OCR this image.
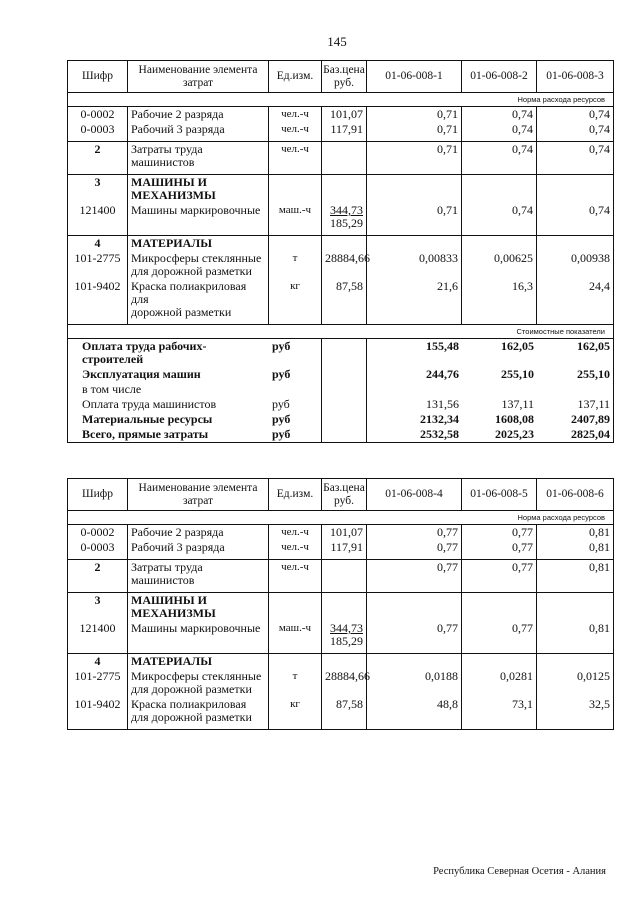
145
Шифр
Наименование элемента
затрат
Ед.изм.
Баз.цена
руб.
01-06-008-1	01-06-008-2	01-06-008-3
Норма расхода ресурсов
0-0002	Рабочие 2 разряда	чел.-ч	101,07	0,71	0,74	0,74
0-0003	Рабочий 3 разряда	чел.-ч	117,91	0,71	0,74	0,74
2	Затраты труда
машинистов
чел.-ч	0,71	0,74	0,74
3	МАШИНЫ И
МЕХАНИЗМЫ
121400	Машины маркировочные	маш.-ч	344,73
185,29
0,71	0,74	0,74
4	МАТЕРИАЛЫ
101-2775 Микросферы стеклянные
для дорожной разметки
т	28884,66	0,00833	0,00625	0,00938
101-9402 Краска полиакриловая для
дорожной разметки
кг	87,58	21,6	16,3	24,4
Стоимостные показатели
Оплата труда рабочих-
строителей
руб	155,48	162,05	162,05
Эксплуатация машин	руб	244,76	255,10	255,10
в том числе
Оплата труда машинистов	руб	131,56	137,11	137,11
Материальные ресурсы	руб	2132,34	1608,08	2407,89
Всего, прямые затраты	руб	2532,58	2025,23	2825,04
Шифр
Наименование элемента
затрат
Ед.изм.
Баз.цена
руб.
01-06-008-4	01-06-008-5	01-06-008-6
Норма расхода ресурсов
0-0002	Рабочие 2 разряда	чел.-ч	101,07	0,77	0,77	0,81
0-0003	Рабочий 3 разряда	чел.-ч	117,91	0,77	0,77	0,81
2	Затраты труда
машинистов
чел.-ч	0,77	0,77	0,81
3	МАШИНЫ И
МЕХАНИЗМЫ
121400	Машины маркировочные	маш.-ч	344,73
185,29
0,77	0,77	0,81
4	МАТЕРИАЛЫ
101-2775 Микросферы стеклянные
для дорожной разметки
т	28884,66	0,0188	0,0281	0,0125
101-9402 Краска полиакриловая
для дорожной разметки
кг	87,58	48,8	73,1	32,5
Республика Северная Осетия - Алания
